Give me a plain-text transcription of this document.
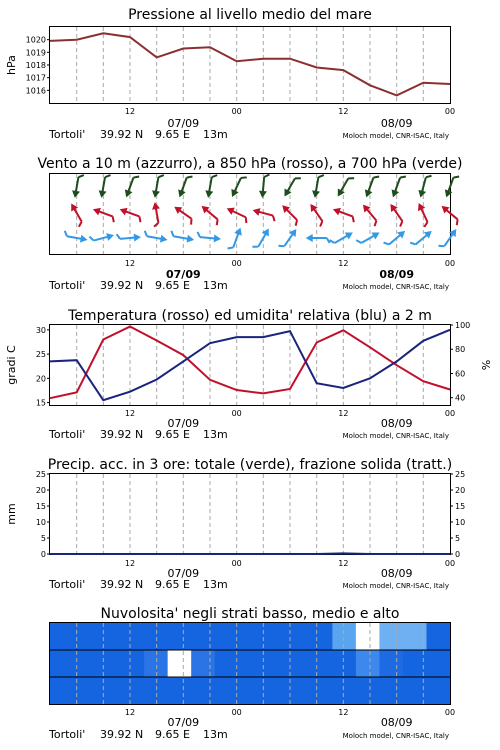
Pressione al livello medio del mare
hPa
1016
1017
1018
1019
1020
12	00	12	00
07/09	08/09
Tortoli' 39.92 N 9.65 E 13m	Moloch model, CNR-ISAC, Italy
Vento a 10 m (azzurro), a 850 hPa (rosso), a 700 hPa (verde)
12	00	12	00
07/09	08/09
Tortoli' 39.92 N 9.65 E 13m	Moloch model, CNR-ISAC, Italy
Temperatura (rosso) ed umidita' relativa (blu) a 2 m
gradi C	%
15
20
25
30
40
60
80
100
12	00	12	00
07/09	08/09
Tortoli' 39.92 N 9.65 E 13m	Moloch model, CNR-ISAC, Italy
Precip. acc. in 3 ore: totale (verde), frazione solida (tratt.)
mm
0
5
10
15
20
25
0
5
10
15
20
25
12	00	12	00
07/09	08/09
Tortoli' 39.92 N 9.65 E 13m	Moloch model, CNR-ISAC, Italy
Nuvolosita' negli strati basso, medio e alto
12	00	12	00
07/09	08/09
Tortoli' 39.92 N 9.65 E 13m	Moloch model, CNR-ISAC, Italy
